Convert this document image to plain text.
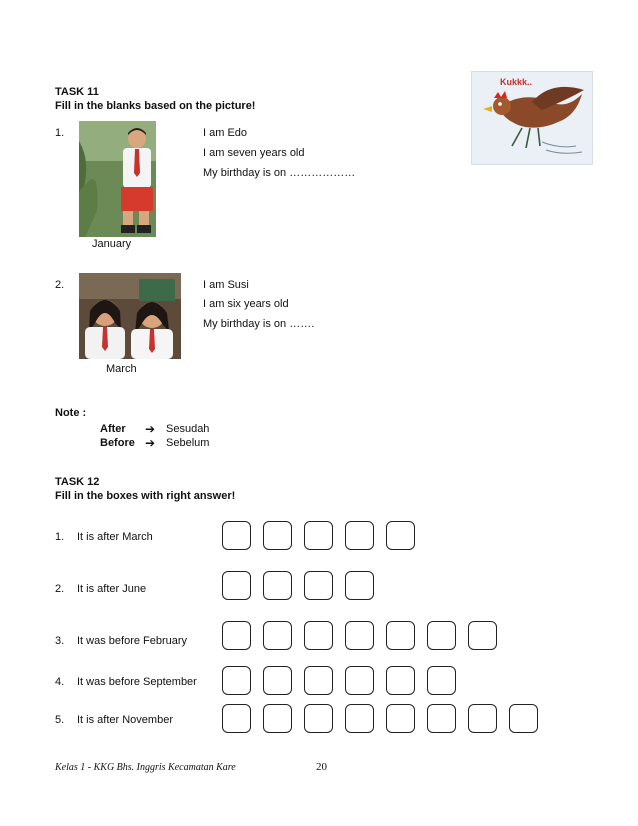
TASK 11
Fill in the blanks based on the picture!
Kukkk..
1.
January
I am Edo
I am seven years old
My birthday is on ………………
2.
March
I am Susi
I am six years old
My birthday is on …….
Note :
After ➔ Sesudah
Before ➔ Sebelum
TASK 12
Fill in the boxes with right answer!
1. It is after March
2. It is after June
3. It was before February
4. It was before September
5. It is after November
Kelas 1 - KKG Bhs. Inggris Kecamatan Kare	20
